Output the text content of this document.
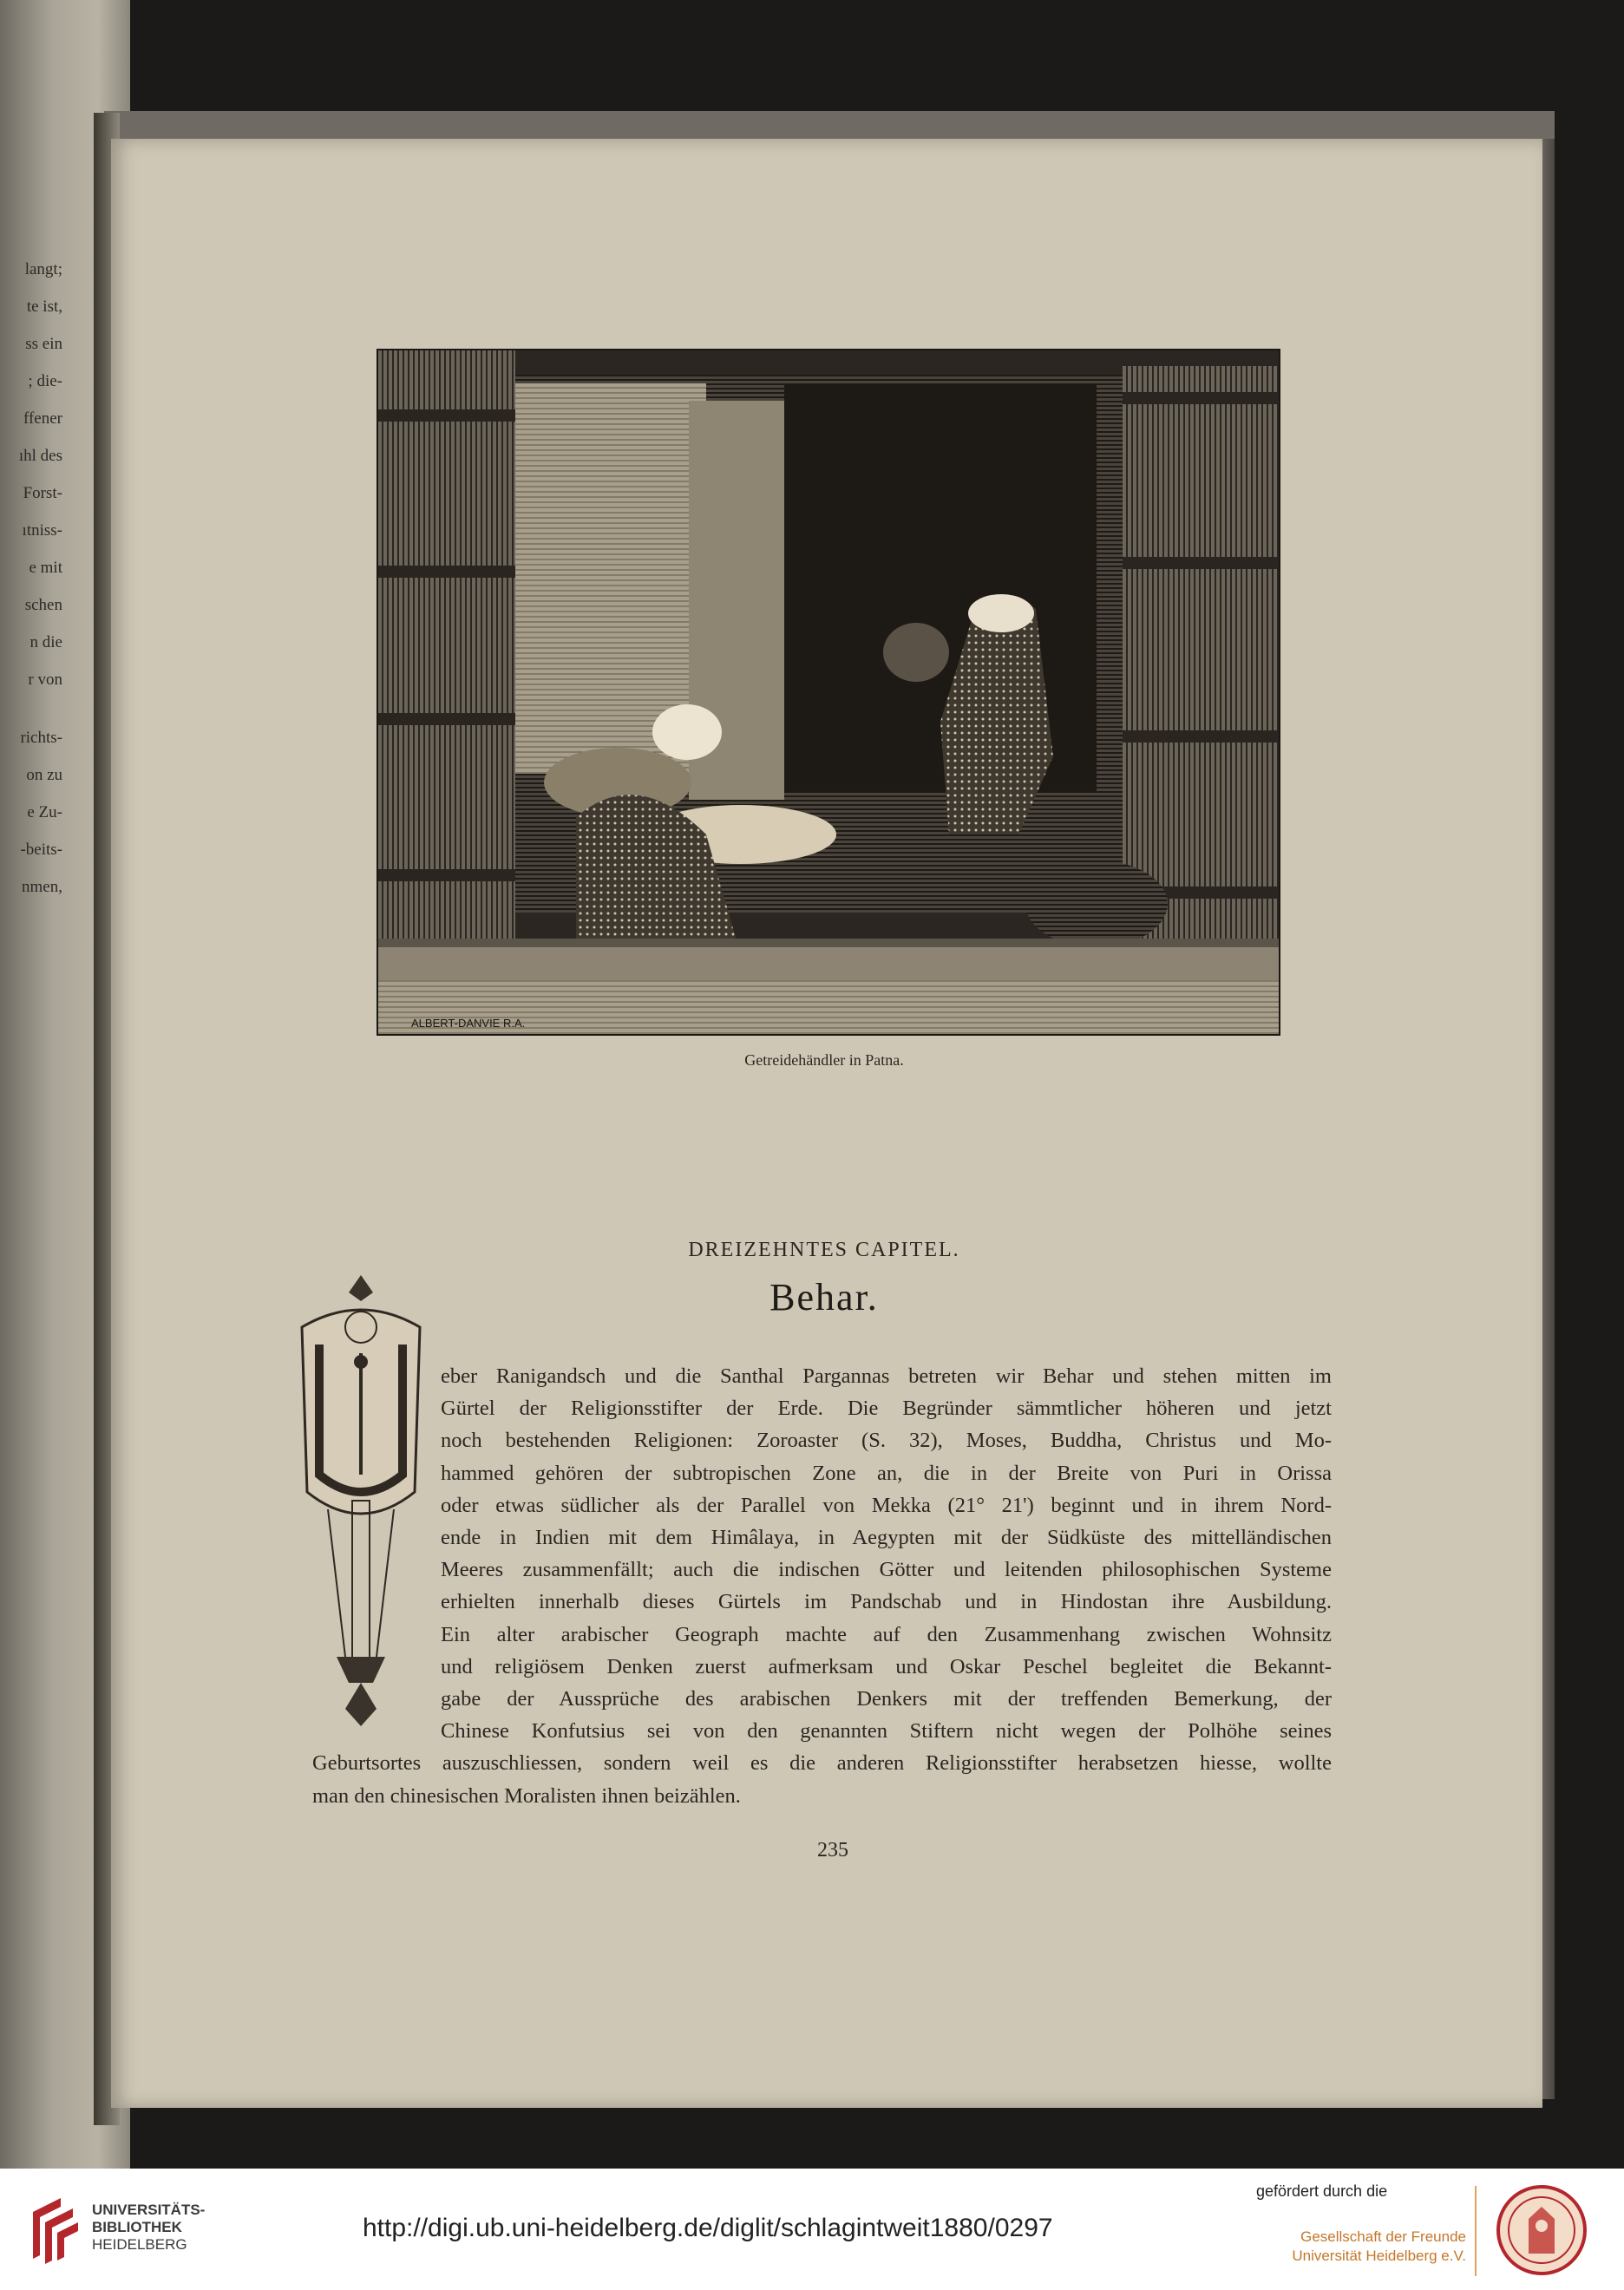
langt;
te ist,
ss ein
; die-
ffener
ıhl des
Forst-
ıtniss-
e mit
schen
n die
r von
richts-
on zu
e Zu-
-beits-
nmen,
ALBERT-DANVIE R.A.
Getreidehändler in Patna.
DREIZEHNTES CAPITEL.
Behar.
eber Ranigandsch und die Santhal Pargannas betreten wir Behar und stehen mitten im
Gürtel der Religionsstifter der Erde. Die Begründer sämmtlicher höheren und jetzt
noch bestehenden Religionen: Zoroaster (S. 32), Moses, Buddha, Christus und Mo-
hammed gehören der subtropischen Zone an, die in der Breite von Puri in Orissa
oder etwas südlicher als der Parallel von Mekka (21° 21') beginnt und in ihrem Nord-
ende in Indien mit dem Himâlaya, in Aegypten mit der Südküste des mittelländischen
Meeres zusammenfällt; auch die indischen Götter und leitenden philosophischen Systeme
erhielten innerhalb dieses Gürtels im Pandschab und in Hindostan ihre Ausbildung.
Ein alter arabischer Geograph machte auf den Zusammenhang zwischen Wohnsitz
und religiösem Denken zuerst aufmerksam und Oskar Peschel begleitet die Bekannt-
gabe der Aussprüche des arabischen Denkers mit der treffenden Bemerkung, der
Chinese Konfutsius sei von den genannten Stiftern nicht wegen der Polhöhe seines
Geburtsortes auszuschliessen, sondern weil es die anderen Religionsstifter herabsetzen hiesse, wollte
man den chinesischen Moralisten ihnen beizählen.
235
UNIVERSITÄTS-
BIBLIOTHEK
HEIDELBERG
http://digi.ub.uni-heidelberg.de/diglit/schlagintweit1880/0297
gefördert durch die
Gesellschaft der Freunde
Universität Heidelberg e.V.
